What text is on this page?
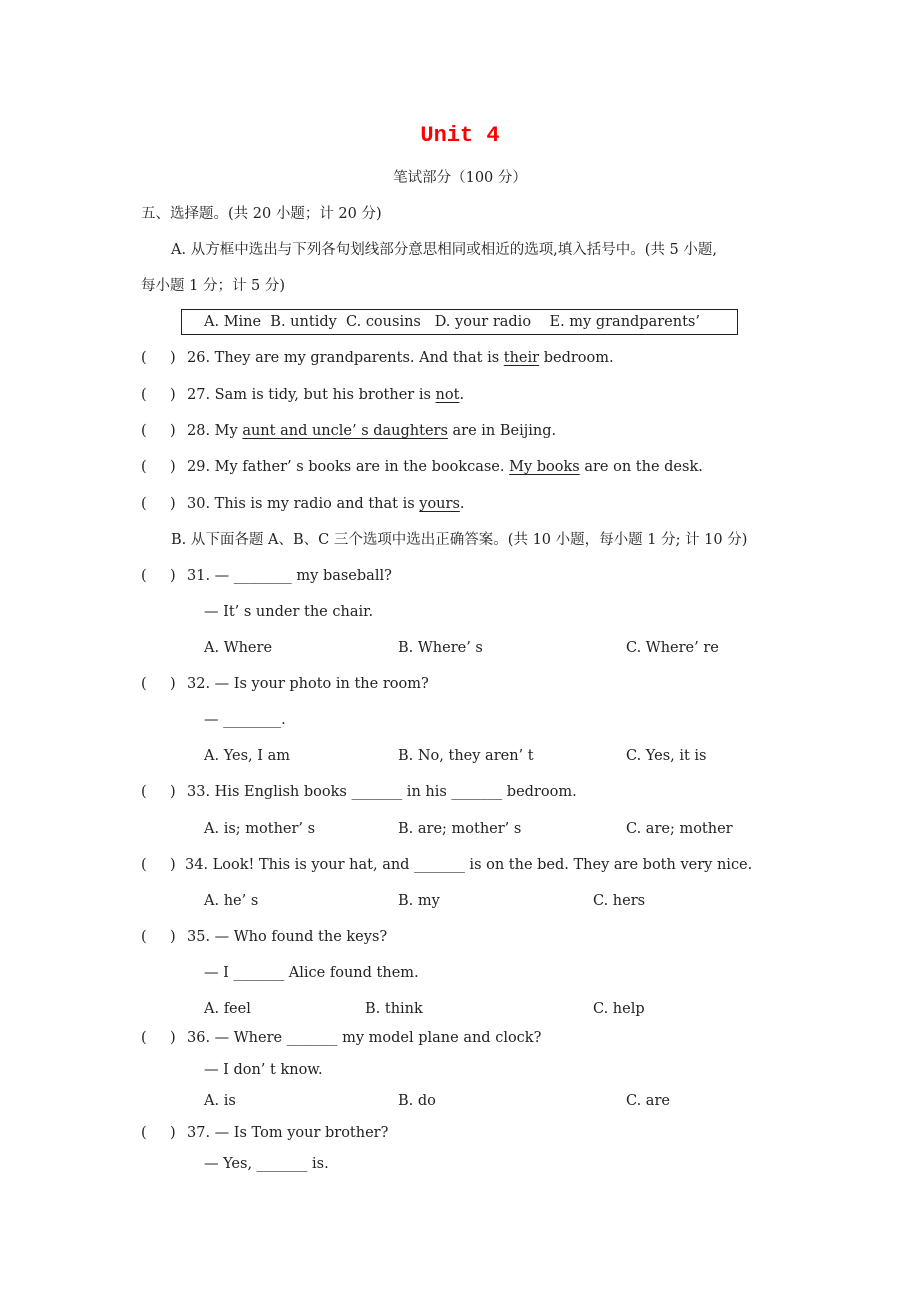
Unit 4
笔试部分（100 分）
五、选择题。(共 20 小题；计 20 分)
A. 从方框中选出与下列各句划线部分意思相同或相近的选项,填入括号中。(共 5 小题,
每小题 1 分；计 5 分)
A. Mine  B. untidy  C. cousins   D. your radio    E. my grandparents’
B. 从下面各题 A、B、C 三个选项中选出正确答案。(共 10 小题，每小题 1 分; 计 10 分)
( ) 26. They are my grandparents. And that is their bedroom.
( ) 27. Sam is tidy, but his brother is not.
( ) 28. My aunt and uncle’ s daughters are in Beijing.
( ) 29. My father’ s books are in the bookcase. My books are on the desk.
( ) 30. This is my radio and that is yours.
( ) 31. — ________ my baseball?
— It’ s under the chair.
A. Where	B. Where’ s	C. Where’ re
( ) 32. — Is your photo in the room?
— ________.
A. Yes, I am	B. No, they aren’ t	C. Yes, it is
( ) 33. His English books _______ in his _______ bedroom.
A. is; mother’ s	B. are; mother’ s	C. are; mother
( ) 34. Look! This is your hat, and _______ is on the bed. They are both very nice.
A. he’ s	B. my	C. hers
( ) 35. — Who found the keys?
— I _______ Alice found them.
A. feel	B. think	C. help
( ) 36. — Where _______ my model plane and clock?
— I don’ t know.
A. is	B. do	C. are
( ) 37. — Is Tom your brother?
— Yes, _______ is.
